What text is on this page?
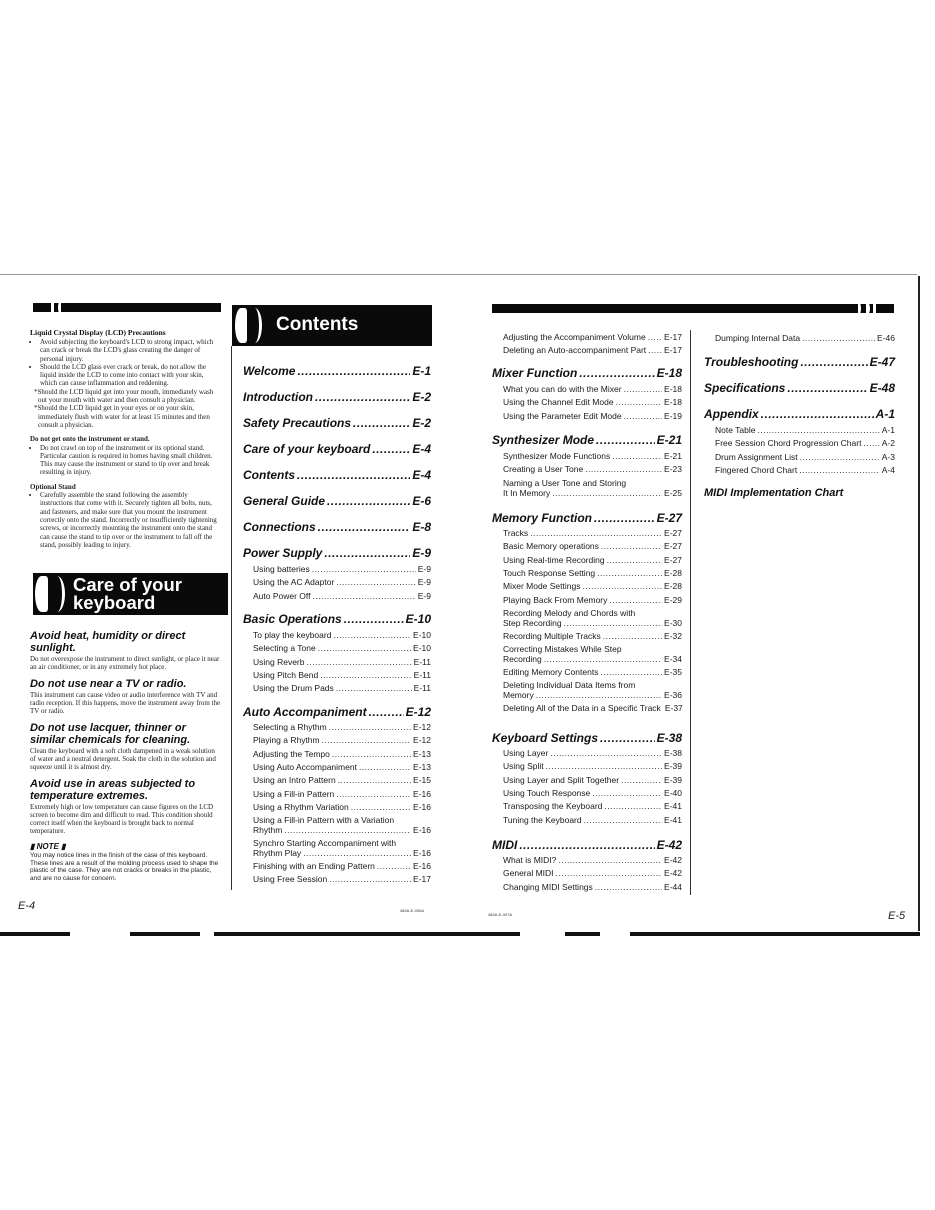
Liquid Crystal Display (LCD) Precautions
• Avoid subjecting the keyboard's LCD to strong impact, which can crack or break the LCD's glass creating the danger of personal injury.
• Should the LCD glass ever crack or break, do not allow the liquid inside the LCD to come into contact with your skin, which can cause inflammation and reddening.
*Should the LCD liquid get into your mouth, immediately wash out your mouth with water and then consult a physician.
*Should the LCD liquid get in your eyes or on your skin, immediately flush with water for at least 15 minutes and then consult a physician.
Do not get onto the instrument or stand.
• Do not crawl on top of the instrument or its optional stand. Particular caution is required in homes having small children. This may cause the instrument or stand to tip over and break resulting in injury.
Optional Stand
• Carefully assemble the stand following the assembly instructions that come with it. Securely tighten all bolts, nuts, and fasteners, and make sure that you mount the instrument correctly onto the stand. Incorrectly or insufficiently tightening screws, or incorrectly mounting the instrument onto the stand can cause the stand to tip over or the instrument to fall off the stand, possibly leading to injury.
Care of your
keyboard
Avoid heat, humidity or direct sunlight.
Do not overexpose the instrument to direct sunlight, or place it near an air conditioner, or in any extremely hot place.
Do not use near a TV or radio.
This instrument can cause video or audio interference with TV and radio reception. If this happens, move the instrument away from the TV or radio.
Do not use lacquer, thinner or similar chemicals for cleaning.
Clean the keyboard with a soft cloth dampened in a weak solution of water and a neutral detergent. Soak the cloth in the solution and squeeze until it is almost dry.
Avoid use in areas subjected to temperature extremes.
Extremely high or low temperature can cause figures on the LCD screen to become dim and difficult to read. This condition should correct itself when the keyboard is brought back to normal temperature.
▮ NOTE ▮
You may notice lines in the finish of the case of this keyboard. These lines are a result of the molding process used to shape the plastic of the case. They are not cracks or breaks in the plastic, and are no cause for concern.
E-4	482A-E-006A
Contents
Welcome .....	E-1
Introduction .....	E-2
Safety Precautions .....	E-2
Care of your keyboard .....	E-4
Contents .....	E-4
General Guide .....	E-6
Connections .....	E-8
Power Supply .....	E-9
Using batteries .....	E-9
Using the AC Adaptor .....	E-9
Auto Power Off .....	E-9
Basic Operations .....	E-10
To play the keyboard .....	E-10
Selecting a Tone .....	E-10
Using Reverb .....	E-11
Using Pitch Bend .....	E-11
Using the Drum Pads .....	E-11
Auto Accompaniment .....	E-12
Selecting a Rhythm .....	E-12
Playing a Rhythm .....	E-12
Adjusting the Tempo .....	E-13
Using Auto Accompaniment .....	E-13
Using an Intro Pattern .....	E-15
Using a Fill-in Pattern .....	E-16
Using a Rhythm Variation .....	E-16
Using a Fill-in Pattern with a Variation
Rhythm .....	E-16
Synchro Starting Accompaniment with
Rhythm Play .....	E-16
Finishing with an Ending Pattern .....	E-16
Using Free Session .....	E-17
Adjusting the Accompaniment Volume ..... E-17
Deleting an Auto-accompaniment Part ..... E-17
Mixer Function .....	E-18
What you can do with the Mixer .....	E-18
Using the Channel Edit Mode .....	E-18
Using the Parameter Edit Mode .....	E-19
Synthesizer Mode .....	E-21
Synthesizer Mode Functions .....	E-21
Creating a User Tone .....	E-23
Naming a User Tone and Storing
It In Memory .....	E-25
Memory Function .....	E-27
Tracks .....	E-27
Basic Memory operations .....	E-27
Using Real-time Recording .....	E-27
Touch Response Setting .....	E-28
Mixer Mode Settings .....	E-28
Playing Back From Memory .....	E-29
Recording Melody and Chords with
Step Recording .....	E-30
Recording Multiple Tracks .....	E-32
Correcting Mistakes While Step
Recording .....	E-34
Editing Memory Contents .....	E-35
Deleting Individual Data Items from
Memory .....	E-36
Deleting All of the Data in a Specific Track E-37
Keyboard Settings .....	E-38
Using Layer .....	E-38
Using Split .....	E-39
Using Layer and Split Together .....	E-39
Using Touch Response .....	E-40
Transposing the Keyboard .....	E-41
Tuning the Keyboard .....	E-41
MIDI .....	E-42
What is MIDI? .....	E-42
General MIDI .....	E-42
Changing MIDI Settings .....	E-44
Dumping Internal Data .....	E-46
Troubleshooting .....	E-47
Specifications .....	E-48
Appendix .....	A-1
Note Table .....	A-1
Free Session Chord Progression Chart ..... A-2
Drum Assignment List .....	A-3
Fingered Chord Chart .....	A-4
MIDI Implementation Chart
482A-E-007A	E-5
